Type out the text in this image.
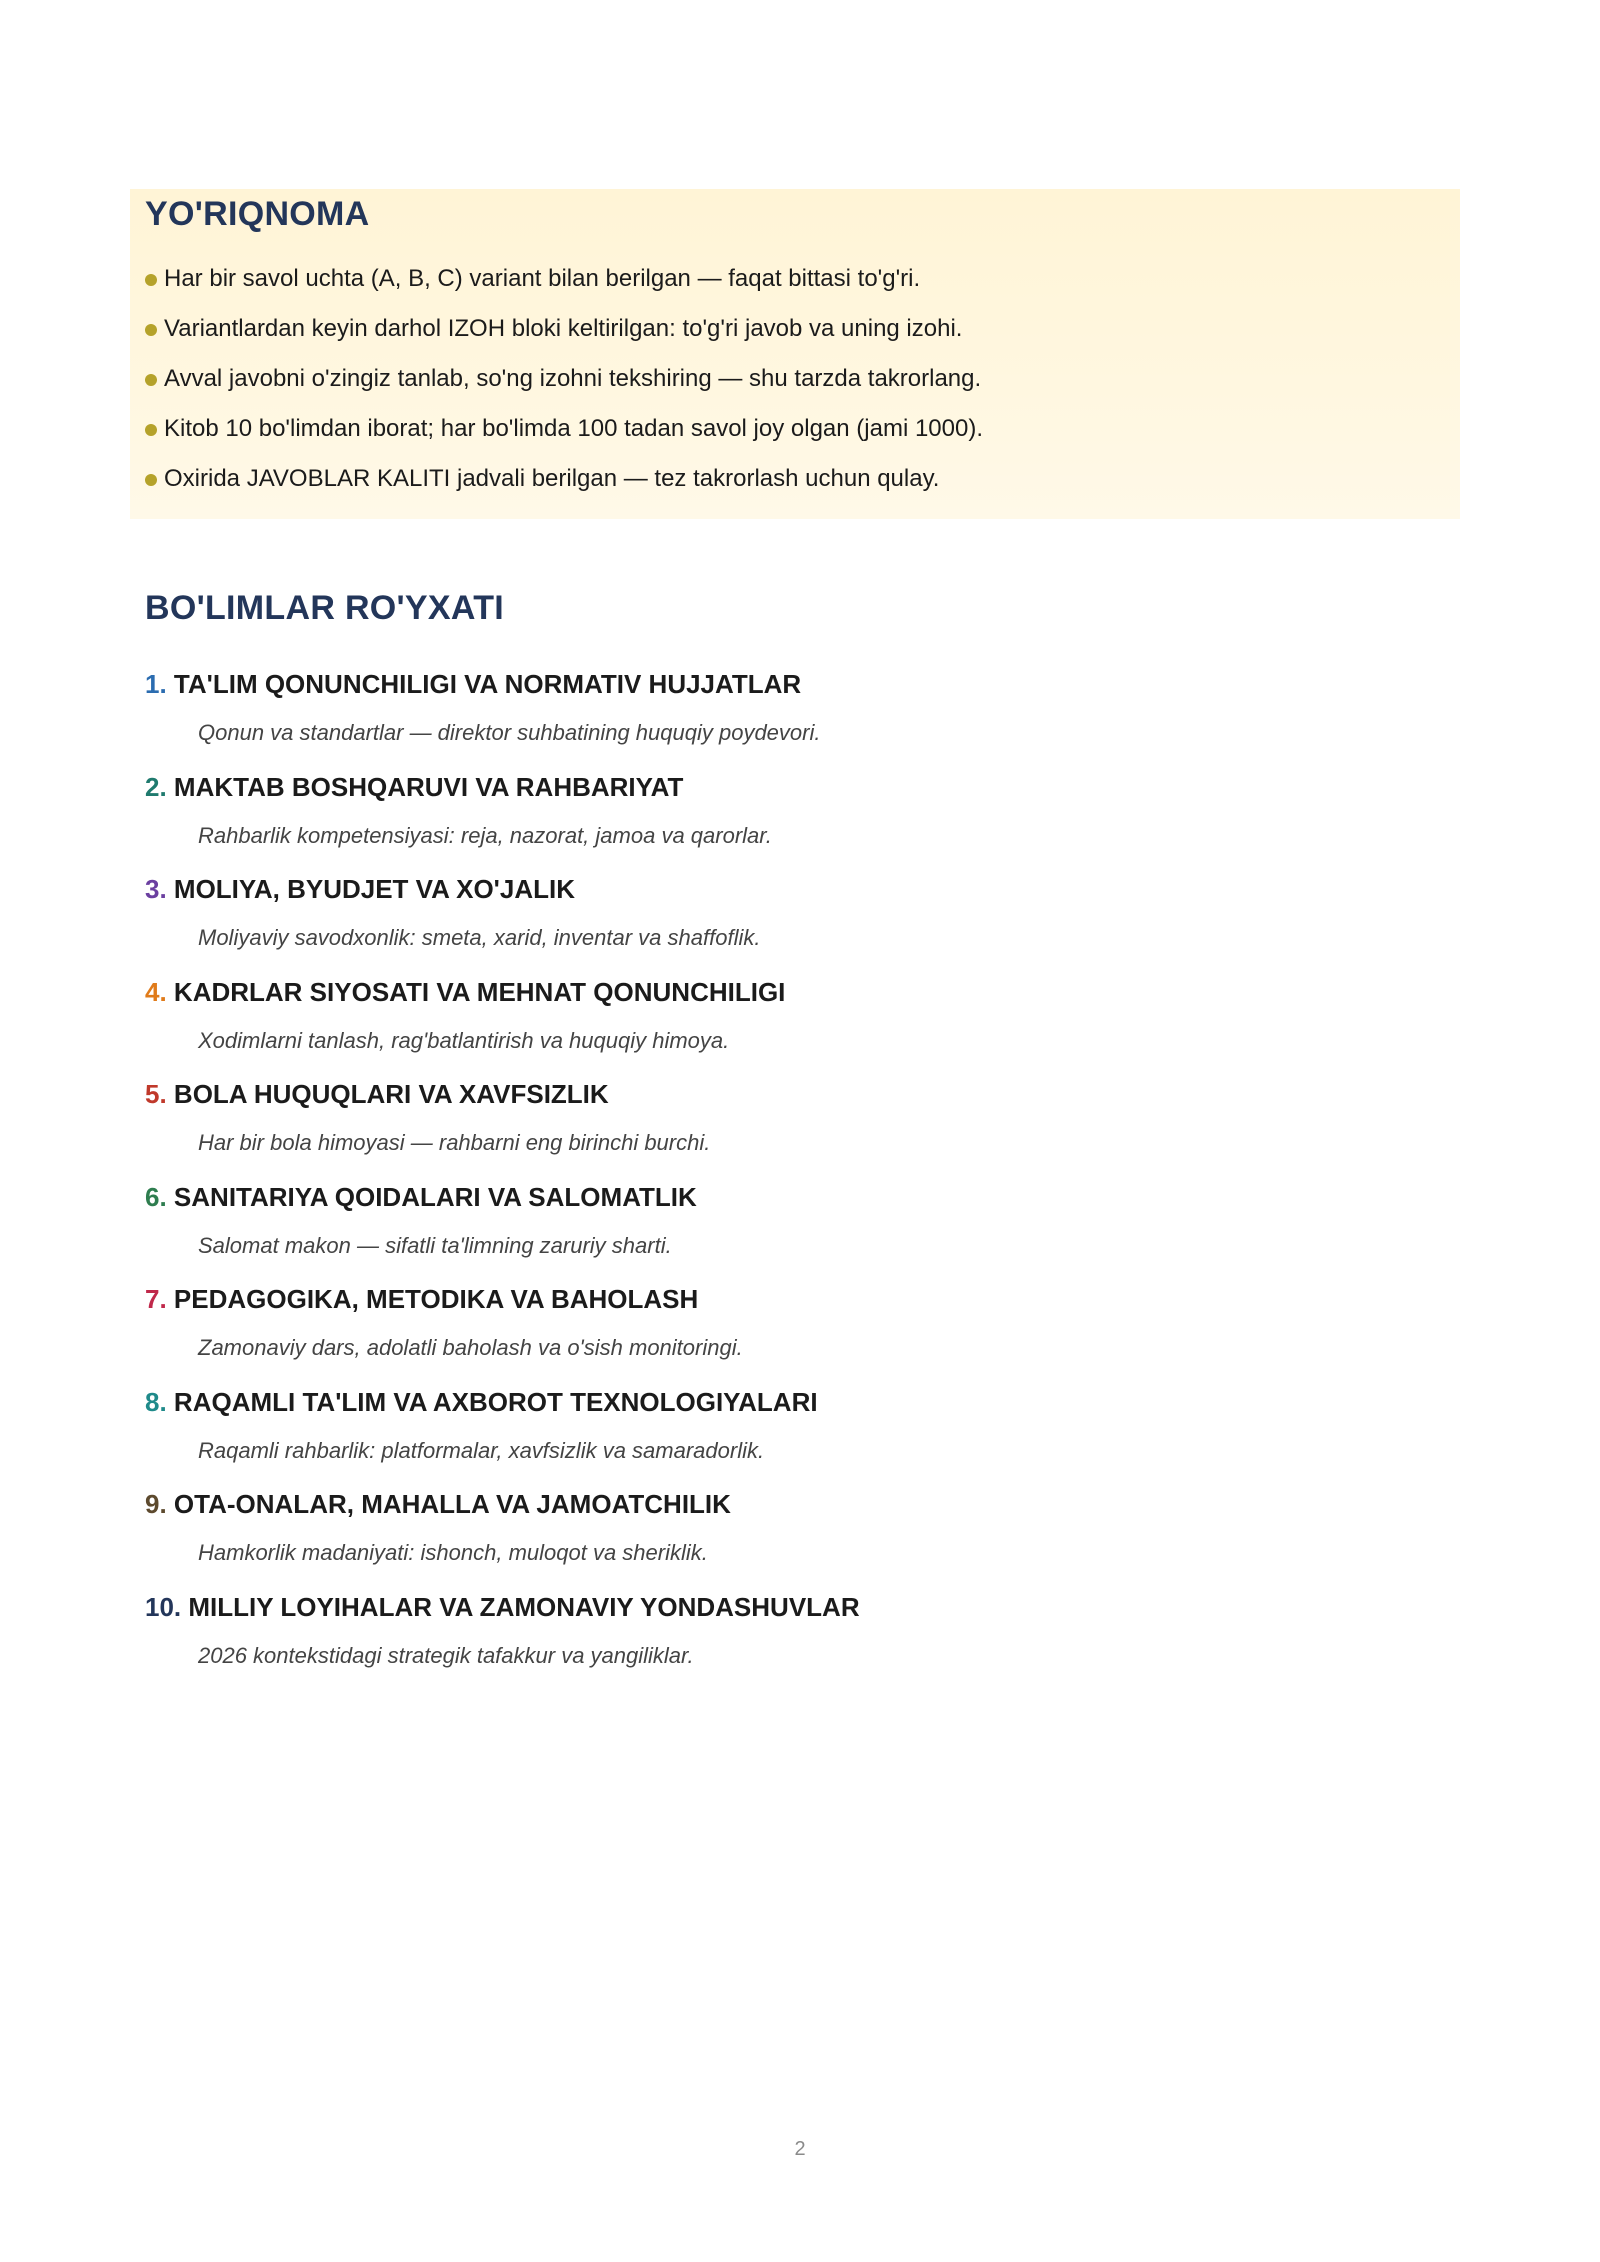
YO'RIQNOMA
Har bir savol uchta (A, B, C) variant bilan berilgan — faqat bittasi to'g'ri.
Variantlardan keyin darhol IZOH bloki keltirilgan: to'g'ri javob va uning izohi.
Avval javobni o'zingiz tanlab, so'ng izohni tekshiring — shu tarzda takrorlang.
Kitob 10 bo'limdan iborat; har bo'limda 100 tadan savol joy olgan (jami 1000).
Oxirida JAVOBLAR KALITI jadvali berilgan — tez takrorlash uchun qulay.
BO'LIMLAR RO'YXATI
1. TA'LIM QONUNCHILIGI VA NORMATIV HUJJATLAR
Qonun va standartlar — direktor suhbatining huquqiy poydevori.
2. MAKTAB BOSHQARUVI VA RAHBARIYAT
Rahbarlik kompetensiyasi: reja, nazorat, jamoa va qarorlar.
3. MOLIYA, BYUDJET VA XO'JALIK
Moliyaviy savodxonlik: smeta, xarid, inventar va shaffoflik.
4. KADRLAR SIYOSATI VA MEHNAT QONUNCHILIGI
Xodimlarni tanlash, rag'batlantirish va huquqiy himoya.
5. BOLA HUQUQLARI VA XAVFSIZLIK
Har bir bola himoyasi — rahbarni eng birinchi burchi.
6. SANITARIYA QOIDALARI VA SALOMATLIK
Salomat makon — sifatli ta'limning zaruriy sharti.
7. PEDAGOGIKA, METODIKA VA BAHOLASH
Zamonaviy dars, adolatli baholash va o'sish monitoringi.
8. RAQAMLI TA'LIM VA AXBOROT TEXNOLOGIYALARI
Raqamli rahbarlik: platformalar, xavfsizlik va samaradorlik.
9. OTA-ONALAR, MAHALLA VA JAMOATCHILIK
Hamkorlik madaniyati: ishonch, muloqot va sheriklik.
10. MILLIY LOYIHALAR VA ZAMONAVIY YONDASHUVLAR
2026 kontekstidagi strategik tafakkur va yangiliklar.
2
